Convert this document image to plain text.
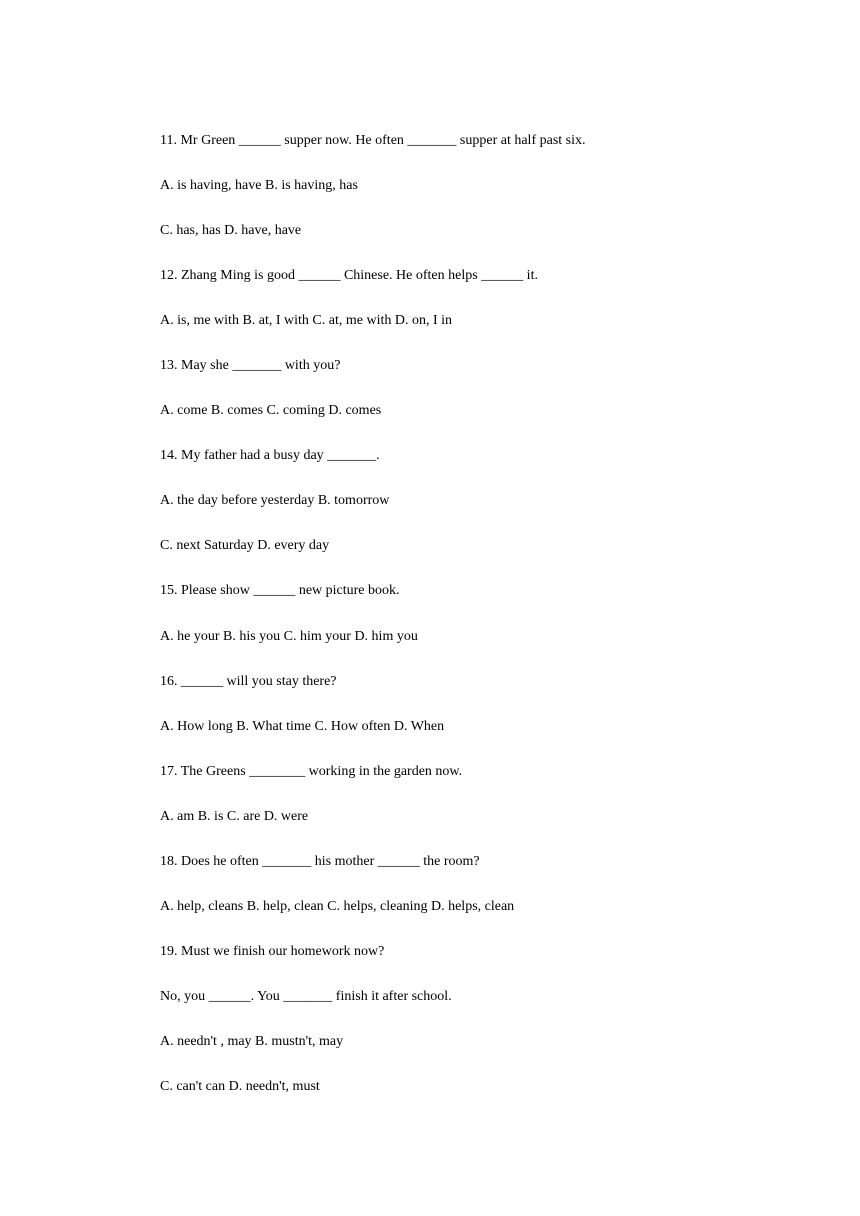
11. Mr Green ______ supper now. He often _______ supper at half past six.
A. is having, have B. is having, has
C. has, has D. have, have
12. Zhang Ming is good ______ Chinese. He often helps ______ it.
A. is, me with B. at, I with C. at, me with D. on, I in
13. May she _______ with you?
A. come B. comes C. coming D. comes
14. My father had a busy day _______.
A. the day before yesterday B. tomorrow
C. next Saturday D. every day
15. Please show ______ new picture book.
A. he your B. his you C. him your D. him you
16. ______ will you stay there?
A. How long B. What time C. How often D. When
17. The Greens ________ working in the garden now.
A. am B. is C. are D. were
18. Does he often _______ his mother ______ the room?
A. help, cleans B. help, clean C. helps, cleaning D. helps, clean
19. Must we finish our homework now?
No, you ______. You _______ finish it after school.
A. needn't , may B. mustn't, may
C. can't can D. needn't, must
